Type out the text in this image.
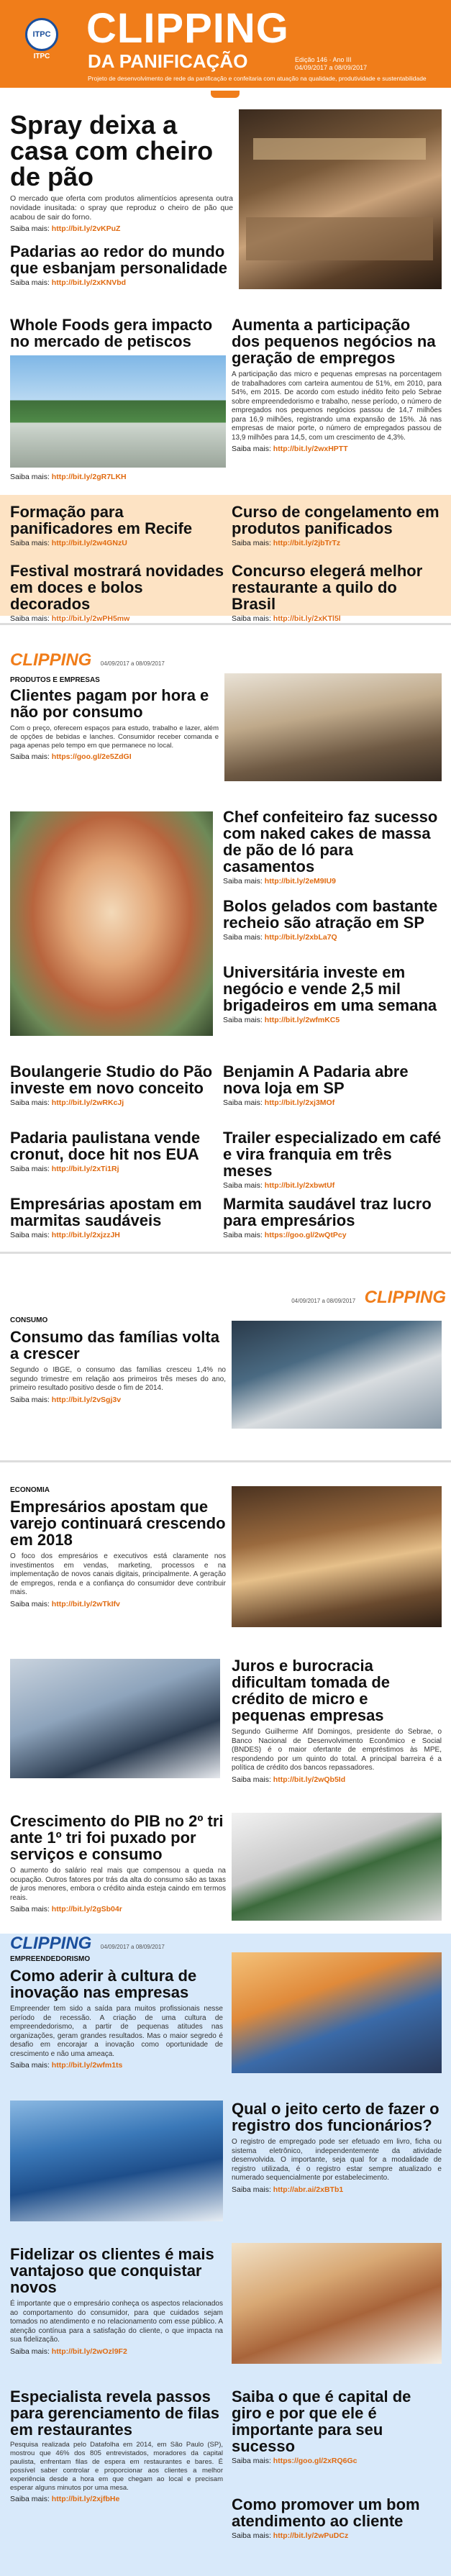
ITPC
ITPC
CLIPPING
DA PANIFICAÇÃO	Edição 146 · Ano III
04/09/2017 a 08/09/2017
Projeto de desenvolvimento de rede da panificação e confeitaria com atuação na qualidade, produtividade e sustentabilidade
Spray deixa a casa com cheiro de pão
O mercado que oferta com produtos alimentícios apresenta outra novidade inusitada: o spray que reproduz o cheiro de pão que acabou de sair do forno.
Saiba mais: http://bit.ly/2vKPuZ
Padarias ao redor do mundo que esbanjam personalidade
Saiba mais: http://bit.ly/2xKNVbd
Whole Foods gera impacto no mercado de petiscos
Saiba mais: http://bit.ly/2gR7LKH
Aumenta a participação dos pequenos negócios na geração de empregos
A participação das micro e pequenas empresas na porcentagem de trabalhadores com carteira aumentou de 51%, em 2010, para 54%, em 2015. De acordo com estudo inédito feito pelo Sebrae sobre empreendedorismo e trabalho, nesse período, o número de empregados nos pequenos negócios passou de 14,7 milhões para 16,9 milhões, registrando uma expansão de 15%. Já nas empresas de maior porte, o número de empregados passou de 13,9 milhões para 14,5, com um crescimento de 4,3%.
Saiba mais: http://bit.ly/2wxHPTT
Formação para panificadores em Recife
Saiba mais: http://bit.ly/2w4GNzU
Curso de congelamento em produtos panificados
Saiba mais: http://bit.ly/2jbTrTz
Festival mostrará novidades em doces e bolos decorados
Saiba mais: http://bit.ly/2wPH5mw
Concurso elegerá melhor restaurante a quilo do Brasil
Saiba mais: http://bit.ly/2xKTl5l
CLIPPING 04/09/2017 a 08/09/2017
PRODUTOS E EMPRESAS
Clientes pagam por hora e não por consumo
Com o preço, oferecem espaços para estudo, trabalho e lazer, além de opções de bebidas e lanches. Consumidor receber comanda e paga apenas pelo tempo em que permanece no local.
Saiba mais: https://goo.gl/2e5ZdGI
Chef confeiteiro faz sucesso com naked cakes de massa de pão de ló para casamentos
Saiba mais: http://bit.ly/2eM9IU9
Bolos gelados com bastante recheio são atração em SP
Saiba mais: http://bit.ly/2xbLa7Q
Universitária investe em negócio e vende 2,5 mil brigadeiros em uma semana
Saiba mais: http://bit.ly/2wfmKC5
Boulangerie Studio do Pão investe em novo conceito
Saiba mais: http://bit.ly/2wRKcJj
Benjamin A Padaria abre nova loja em SP
Saiba mais: http://bit.ly/2xj3MOf
Padaria paulistana vende cronut, doce hit nos EUA
Saiba mais: http://bit.ly/2xTi1Rj
Trailer especializado em café e vira franquia em três meses
Saiba mais: http://bit.ly/2xbwtUf
Empresárias apostam em marmitas saudáveis
Saiba mais: http://bit.ly/2xjzzJH
Marmita saudável traz lucro para empresários
Saiba mais: https://goo.gl/2wQtPcy
04/09/2017 a 08/09/2017 CLIPPING
CONSUMO
Consumo das famílias volta a crescer
Segundo o IBGE, o consumo das famílias cresceu 1,4% no segundo trimestre em relação aos primeiros três meses do ano, primeiro resultado positivo desde o fim de 2014.
Saiba mais: http://bit.ly/2vSgj3v
ECONOMIA
Empresários apostam que varejo continuará crescendo em 2018
O foco dos empresários e executivos está claramente nos investimentos em vendas, marketing, processos e na implementação de novos canais digitais, principalmente. A geração de empregos, renda e a confiança do consumidor deve contribuir mais.
Saiba mais: http://bit.ly/2wTkIfv
Juros e burocracia dificultam tomada de crédito de micro e pequenas empresas
Segundo Guilherme Afif Domingos, presidente do Sebrae, o Banco Nacional de Desenvolvimento Econômico e Social (BNDES) é o maior ofertante de empréstimos às MPE, respondendo por um quinto do total. A principal barreira é a política de crédito dos bancos repassadores.
Saiba mais: http://bit.ly/2wQb5Id
Crescimento do PIB no 2º tri ante 1º tri foi puxado por serviços e consumo
O aumento do salário real mais que compensou a queda na ocupação. Outros fatores por trás da alta do consumo são as taxas de juros menores, embora o crédito ainda esteja caindo em termos reais.
Saiba mais: http://bit.ly/2gSb04r
CLIPPING 04/09/2017 a 08/09/2017
EMPREENDEDORISMO
Como aderir à cultura de inovação nas empresas
Empreender tem sido a saída para muitos profissionais nesse período de recessão. A criação de uma cultura de empreendedorismo, a partir de pequenas atitudes nas organizações, geram grandes resultados. Mas o maior segredo é desafio em encorajar a inovação como oportunidade de crescimento e não uma ameaça.
Saiba mais: http://bit.ly/2wfm1ts
Qual o jeito certo de fazer o registro dos funcionários?
O registro de empregado pode ser efetuado em livro, ficha ou sistema eletrônico, independentemente da atividade desenvolvida. O importante, seja qual for a modalidade de registro utilizada, é o registro estar sempre atualizado e numerado sequencialmente por estabelecimento.
Saiba mais: http://abr.ai/2xBTb1
Fidelizar os clientes é mais vantajoso que conquistar novos
É importante que o empresário conheça os aspectos relacionados ao comportamento do consumidor, para que cuidados sejam tomados no atendimento e no relacionamento com esse público. A atenção contínua para a satisfação do cliente, o que impacta na sua fidelização.
Saiba mais: http://bit.ly/2wOzl9F2
Especialista revela passos para gerenciamento de filas em restaurantes
Pesquisa realizada pelo Datafolha em 2014, em São Paulo (SP), mostrou que 46% dos 805 entrevistados, moradores da capital paulista, enfrentam filas de espera em restaurantes e bares. É possível saber controlar e proporcionar aos clientes a melhor experiência desde a hora em que chegam ao local e precisam esperar alguns minutos por uma mesa.
Saiba mais: http://bit.ly/2xjfbHe
Saiba o que é capital de giro e por que ele é importante para seu sucesso
Saiba mais: https://goo.gl/2xRQ6Gc
Como promover um bom atendimento ao cliente
Saiba mais: http://bit.ly/2wPuDCz
